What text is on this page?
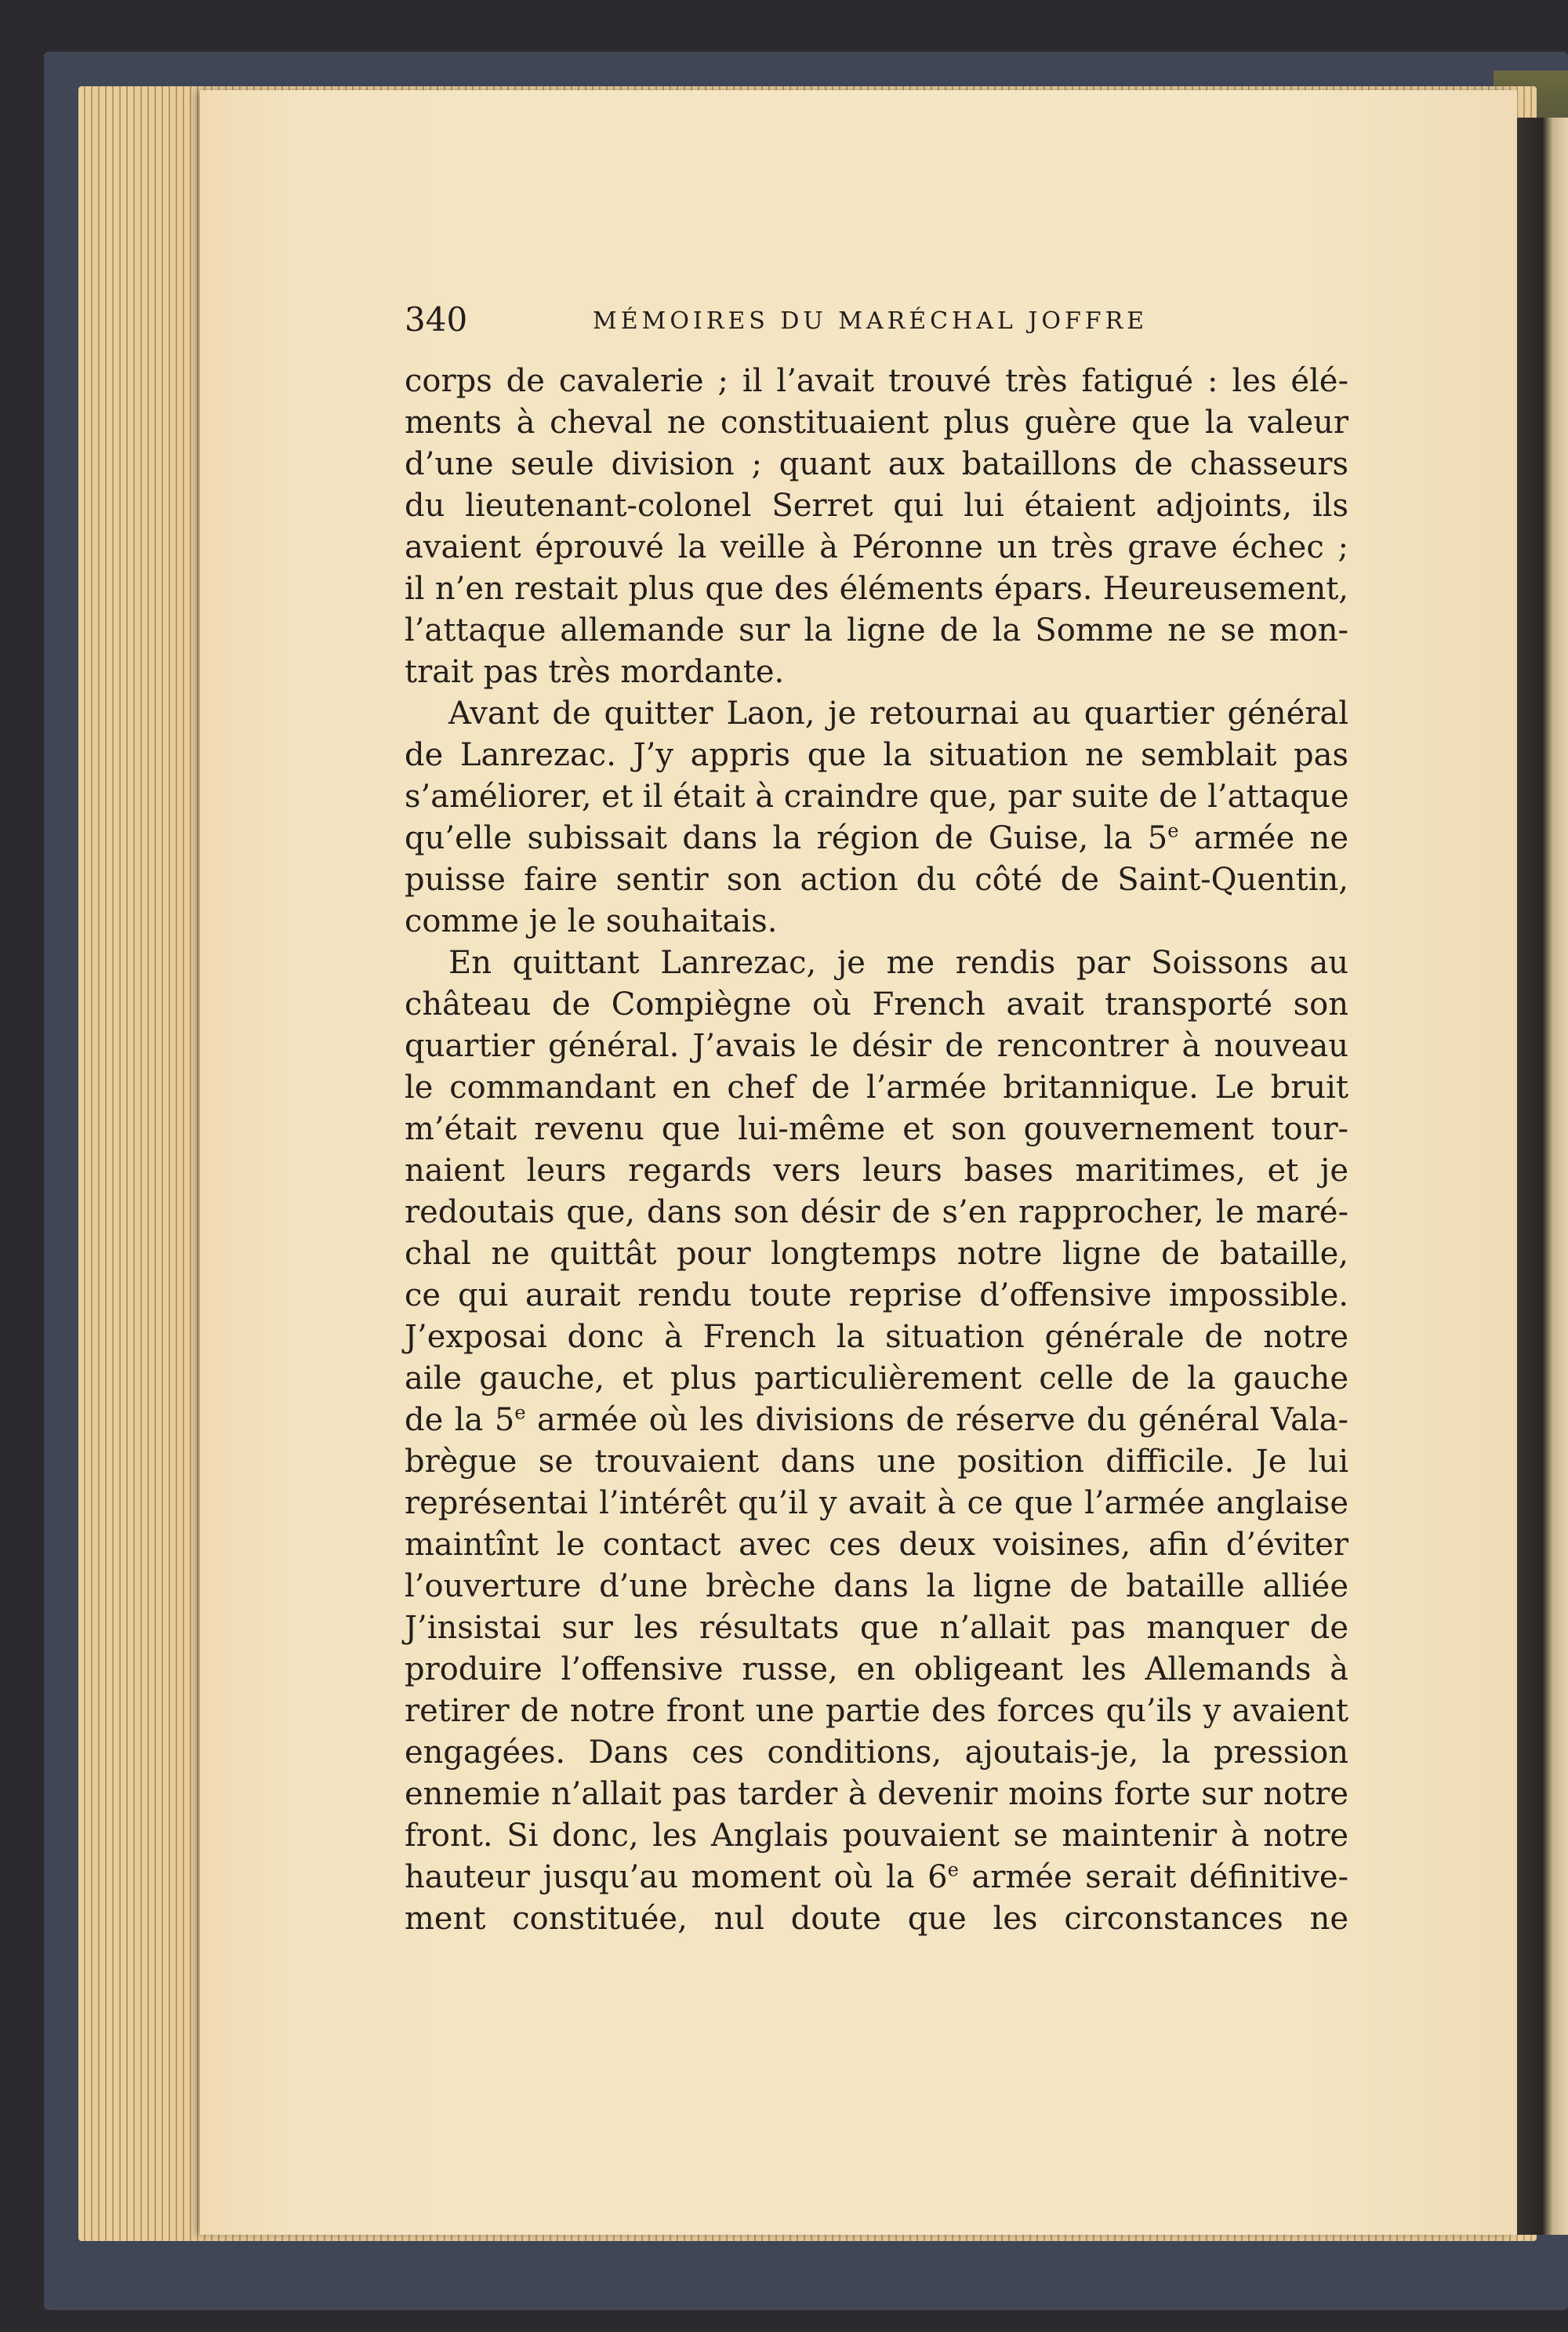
340	MÉMOIRES DU MARÉCHAL JOFFRE
corps de cavalerie ; il l’avait trouvé très fatigué : les élé-
ments à cheval ne constituaient plus guère que la valeur
d’une seule division ; quant aux bataillons de chasseurs
du lieutenant-colonel Serret qui lui étaient adjoints, ils
avaient éprouvé la veille à Péronne un très grave échec ;
il n’en restait plus que des éléments épars. Heureusement,
l’attaque allemande sur la ligne de la Somme ne se mon-
trait pas très mordante.
Avant de quitter Laon, je retournai au quartier général
de Lanrezac. J’y appris que la situation ne semblait pas
s’améliorer, et il était à craindre que, par suite de l’attaque
qu’elle subissait dans la région de Guise, la 5e armée ne
puisse faire sentir son action du côté de Saint-Quentin,
comme je le souhaitais.
En quittant Lanrezac, je me rendis par Soissons au
château de Compiègne où French avait transporté son
quartier général. J’avais le désir de rencontrer à nouveau
le commandant en chef de l’armée britannique. Le bruit
m’était revenu que lui-même et son gouvernement tour-
naient leurs regards vers leurs bases maritimes, et je
redoutais que, dans son désir de s’en rapprocher, le maré-
chal ne quittât pour longtemps notre ligne de bataille,
ce qui aurait rendu toute reprise d’offensive impossible.
J’exposai donc à French la situation générale de notre
aile gauche, et plus particulièrement celle de la gauche
de la 5e armée où les divisions de réserve du général Vala-
brègue se trouvaient dans une position difficile. Je lui
représentai l’intérêt qu’il y avait à ce que l’armée anglaise
maintînt le contact avec ces deux voisines, afin d’éviter
l’ouverture d’une brèche dans la ligne de bataille alliée
J’insistai sur les résultats que n’allait pas manquer de
produire l’offensive russe, en obligeant les Allemands à
retirer de notre front une partie des forces qu’ils y avaient
engagées. Dans ces conditions, ajoutais-je, la pression
ennemie n’allait pas tarder à devenir moins forte sur notre
front. Si donc, les Anglais pouvaient se maintenir à notre
hauteur jusqu’au moment où la 6e armée serait définitive-
ment constituée, nul doute que les circonstances ne
